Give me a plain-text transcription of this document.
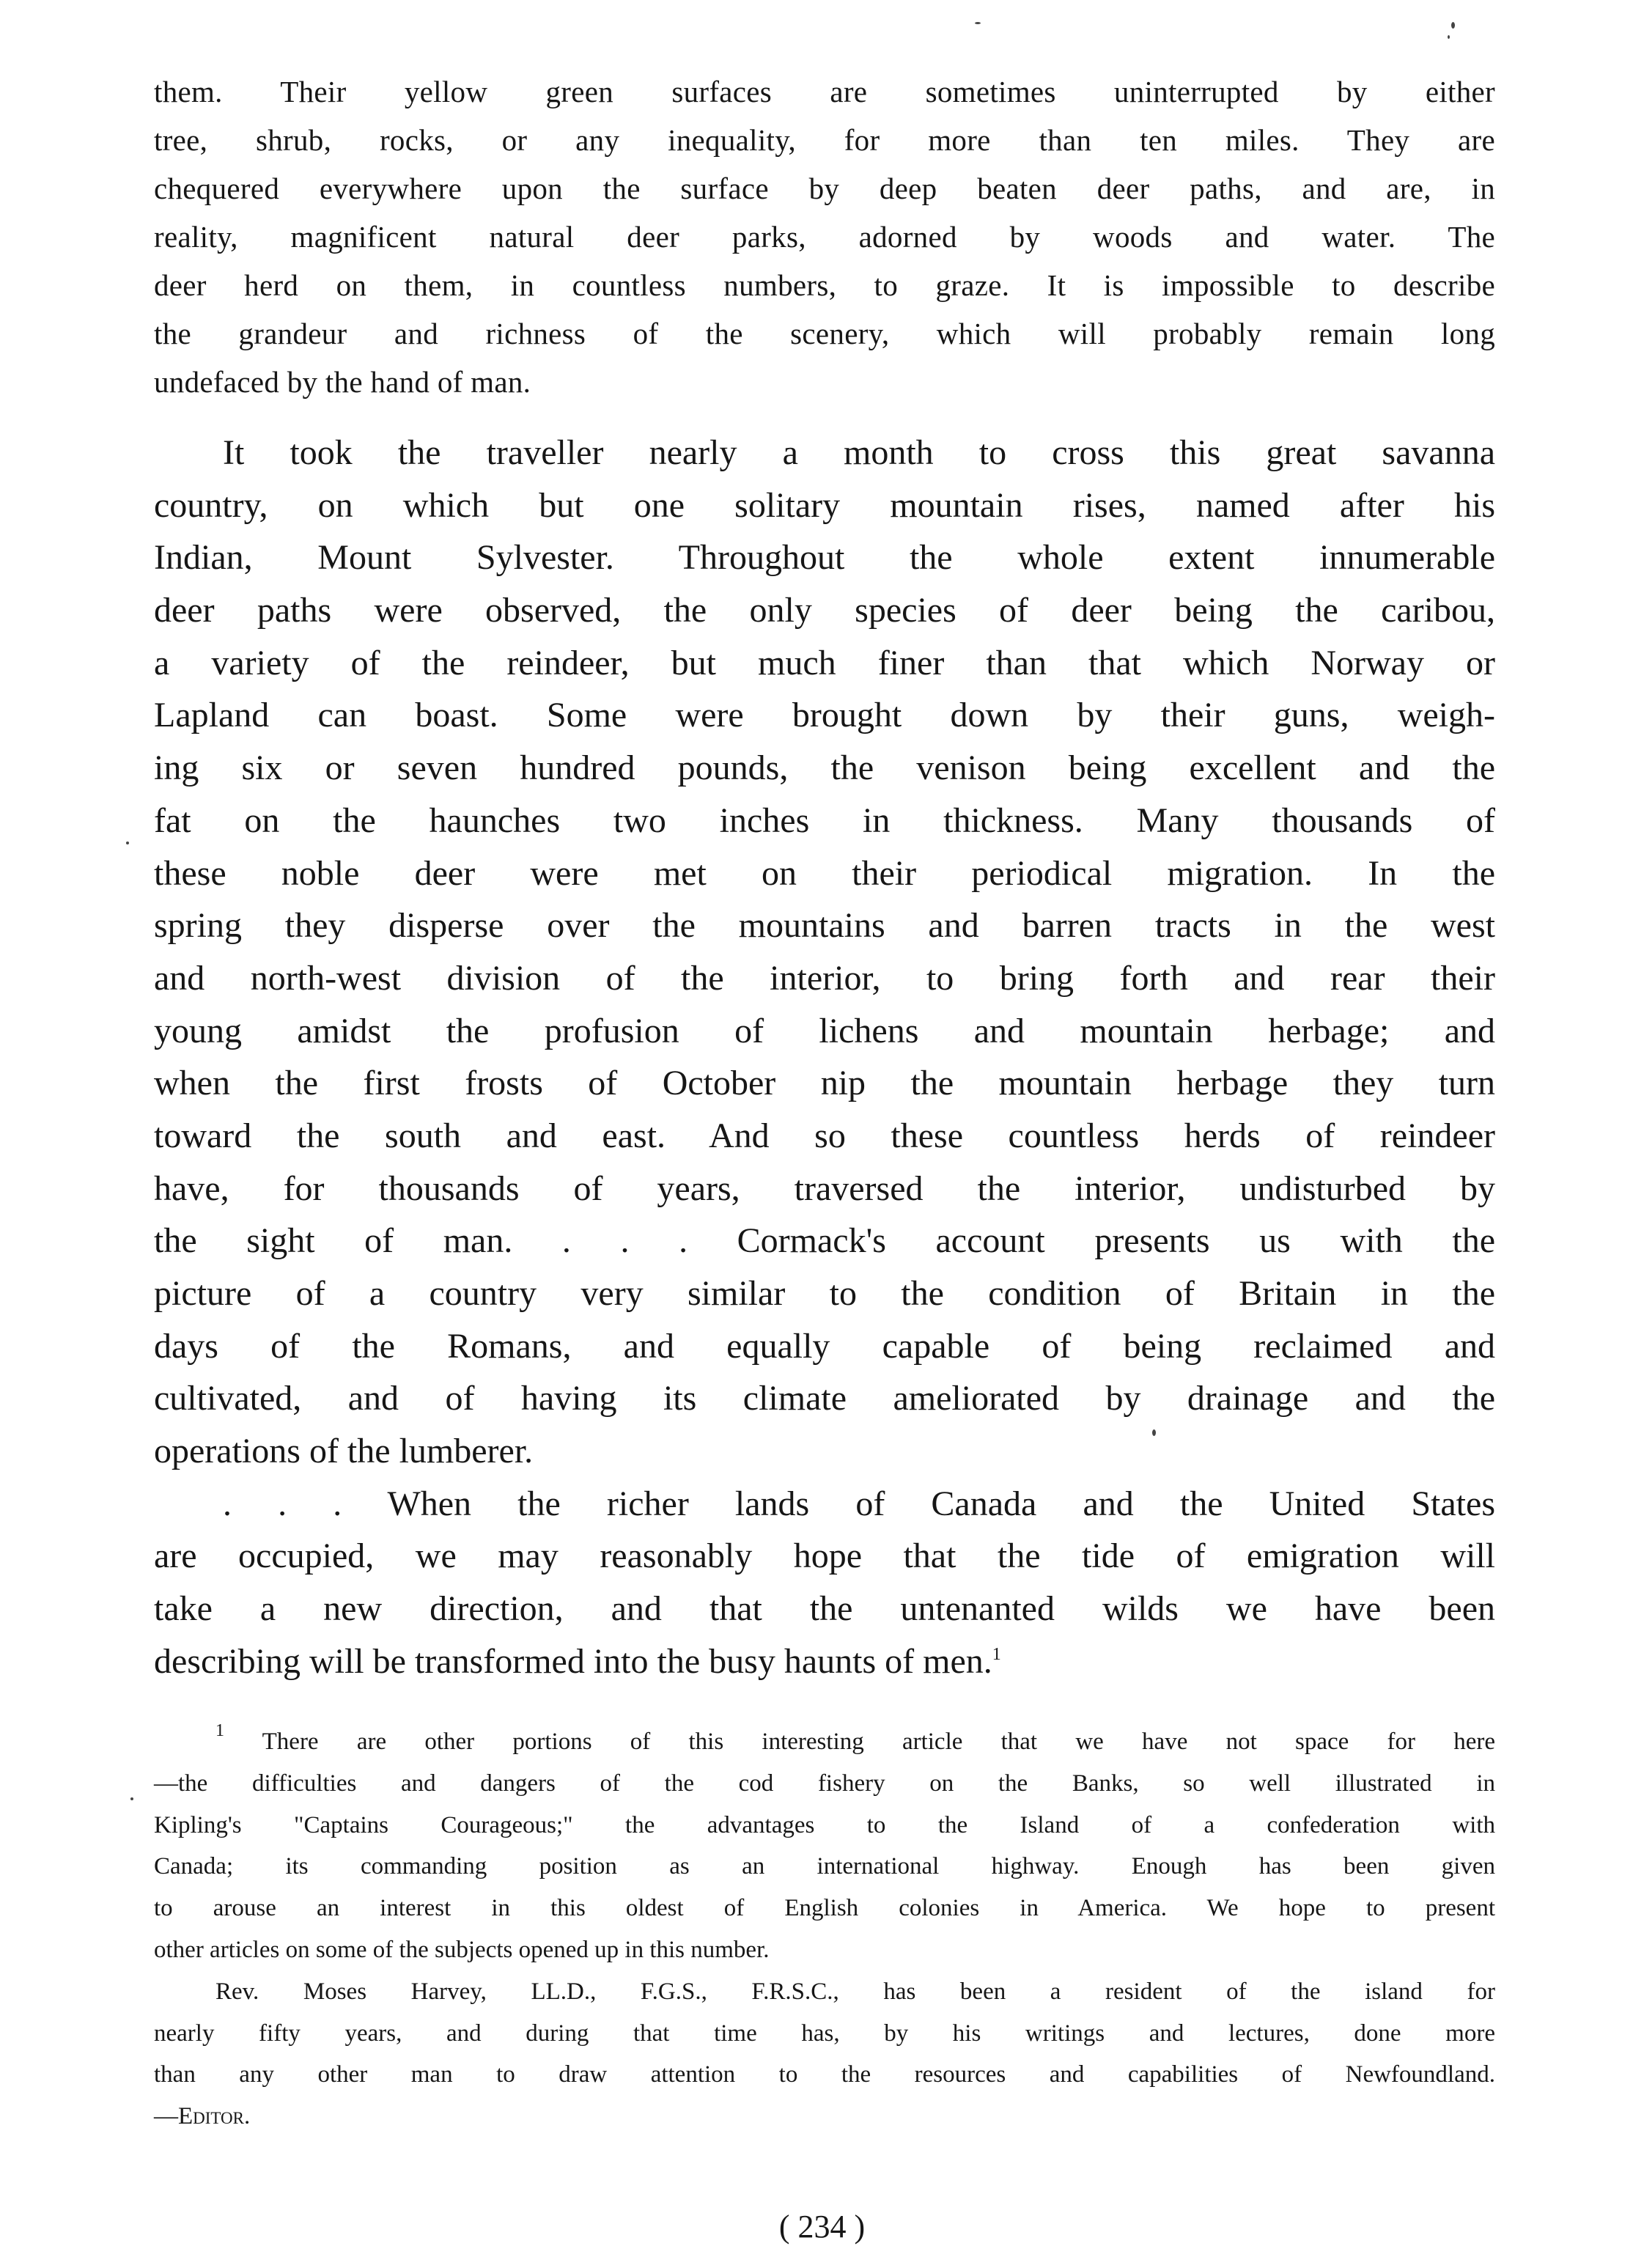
them. Their yellow green surfaces are sometimes uninterrupted by either
tree, shrub, rocks, or any inequality, for more than ten miles. They are
chequered everywhere upon the surface by deep beaten deer paths, and are, in
reality, magnificent natural deer parks, adorned by woods and water. The
deer herd on them, in countless numbers, to graze. It is impossible to describe
the grandeur and richness of the scenery, which will probably remain long
undefaced by the hand of man.
It took the traveller nearly a month to cross this great savanna
country, on which but one solitary mountain rises, named after his
Indian, Mount Sylvester. Throughout the whole extent innumerable
deer paths were observed, the only species of deer being the caribou,
a variety of the reindeer, but much finer than that which Norway or
Lapland can boast. Some were brought down by their guns, weigh-
ing six or seven hundred pounds, the venison being excellent and the
fat on the haunches two inches in thickness. Many thousands of
these noble deer were met on their periodical migration. In the
spring they disperse over the mountains and barren tracts in the west
and north-west division of the interior, to bring forth and rear their
young amidst the profusion of lichens and mountain herbage; and
when the first frosts of October nip the mountain herbage they turn
toward the south and east. And so these countless herds of reindeer
have, for thousands of years, traversed the interior, undisturbed by
the sight of man. . . . Cormack's account presents us with the
picture of a country very similar to the condition of Britain in the
days of the Romans, and equally capable of being reclaimed and
cultivated, and of having its climate ameliorated by drainage and the
operations of the lumberer.
. . . When the richer lands of Canada and the United States
are occupied, we may reasonably hope that the tide of emigration will
take a new direction, and that the untenanted wilds we have been
describing will be transformed into the busy haunts of men.$^1$
$^1$ There are other portions of this interesting article that we have not space for here
—the difficulties and dangers of the cod fishery on the Banks, so well illustrated in
Kipling's "Captains Courageous;" the advantages to the Island of a confederation with
Canada; its commanding position as an international highway. Enough has been given
to arouse an interest in this oldest of English colonies in America. We hope to present
other articles on some of the subjects opened up in this number.
Rev. Moses Harvey, LL.D., F.G.S., F.R.S.C., has been a resident of the island for
nearly fifty years, and during that time has, by his writings and lectures, done more
than any other man to draw attention to the resources and capabilities of Newfoundland.
—Editor.
( 234 )
